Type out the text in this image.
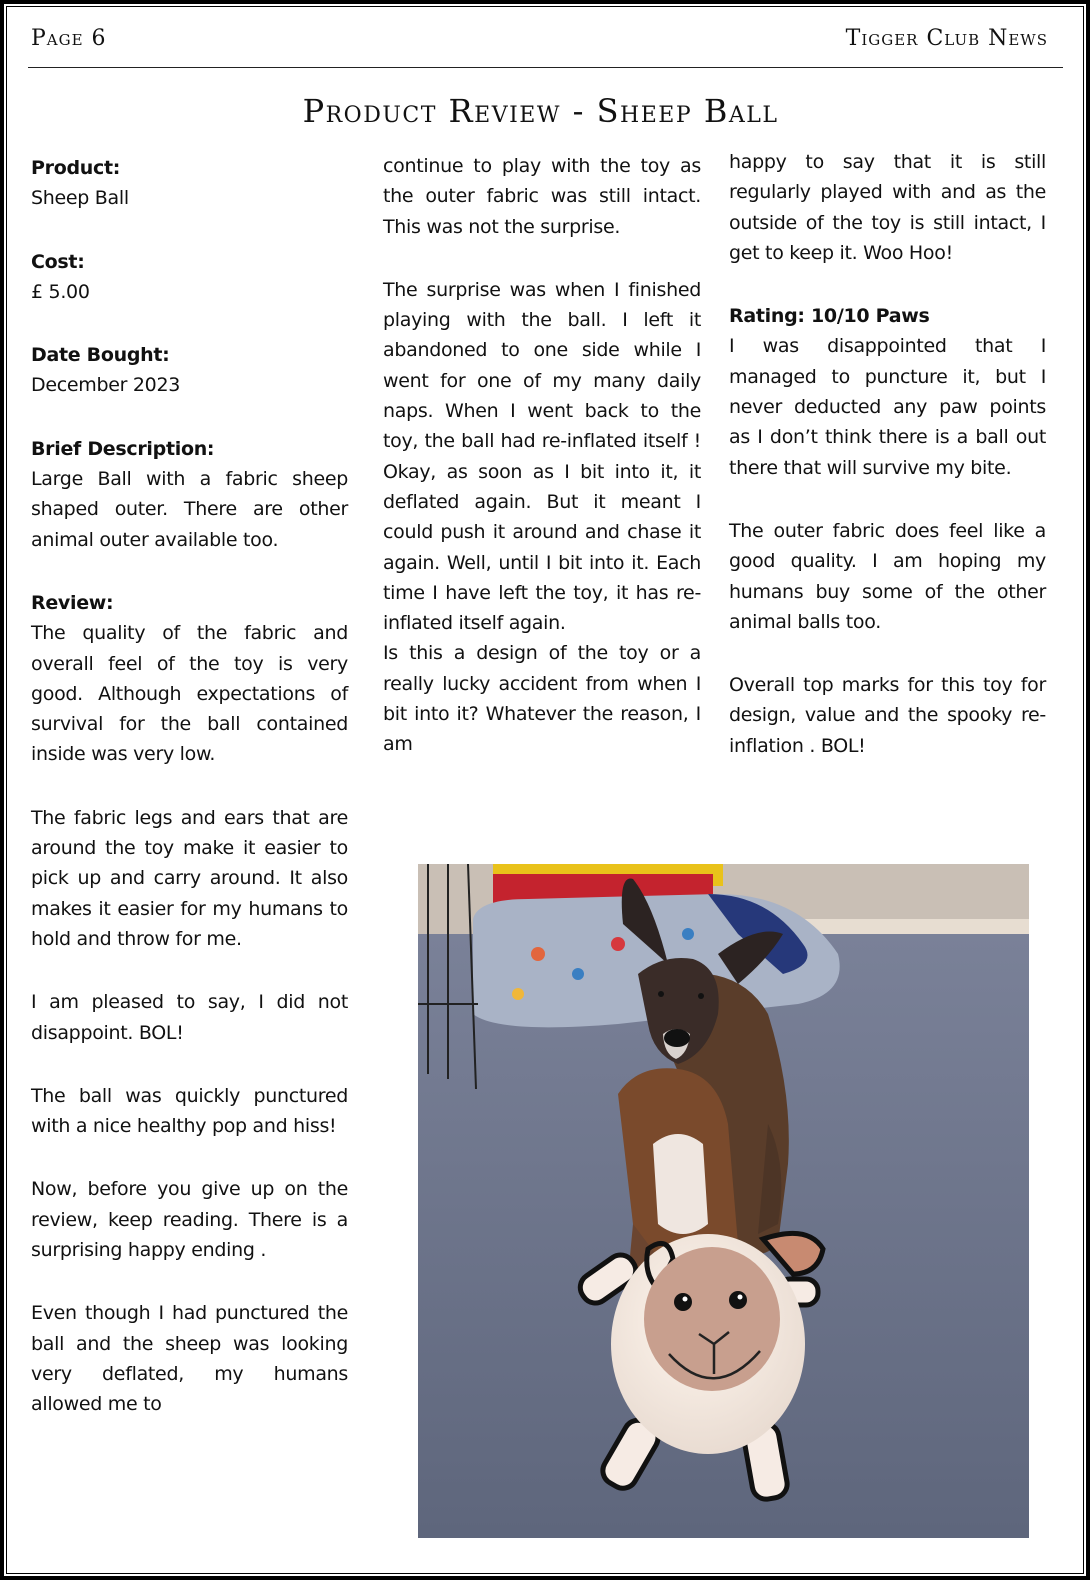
Page 6	Tigger Club News
Product Review - Sheep Ball
Product:
Sheep Ball
Cost:
£ 5.00
Date Bought:
December 2023
Brief Description:
Large Ball with a fabric sheep shaped outer. There are other animal outer available too.
Review:
The quality of the fabric and overall feel of the toy is very good. Although expectations of survival for the ball contained inside was very low.

The fabric legs and ears that are around the toy make it easier to pick up and carry around. It also makes it easier for my humans to hold and throw for me.

I am pleased to say, I did not disappoint. BOL!

The ball was quickly punctured with a nice healthy pop and hiss!

Now, before you give up on the review, keep reading. There is a surprising happy ending .

Even though I had punctured the ball and the sheep was looking very deflated, my humans allowed me to

continue to play with the toy as the outer fabric was still intact. This was not the surprise.

The surprise was when I finished playing with the ball. I left it abandoned to one side while I went for one of my many daily naps. When I went back to the toy, the ball had re-inflated itself ! Okay, as soon as I bit into it, it deflated again. But it meant I could push it around and chase it again. Well, until I bit into it. Each time I have left the toy, it has re-inflated itself again.

Is this a design of the toy or a really lucky accident from when I bit into it? Whatever the reason, I am

happy to say that it is still regularly played with and as the outside of the toy is still intact, I get to keep it. Woo Hoo!

Rating: 10/10 Paws
I was disappointed that I managed to puncture it, but I never deducted any paw points as I don’t think there is a ball out there that will survive my bite.

The outer fabric does feel like a good quality. I am hoping my humans buy some of the other animal balls too.

Overall top marks for this toy for design, value and the spooky re-inflation . BOL!
